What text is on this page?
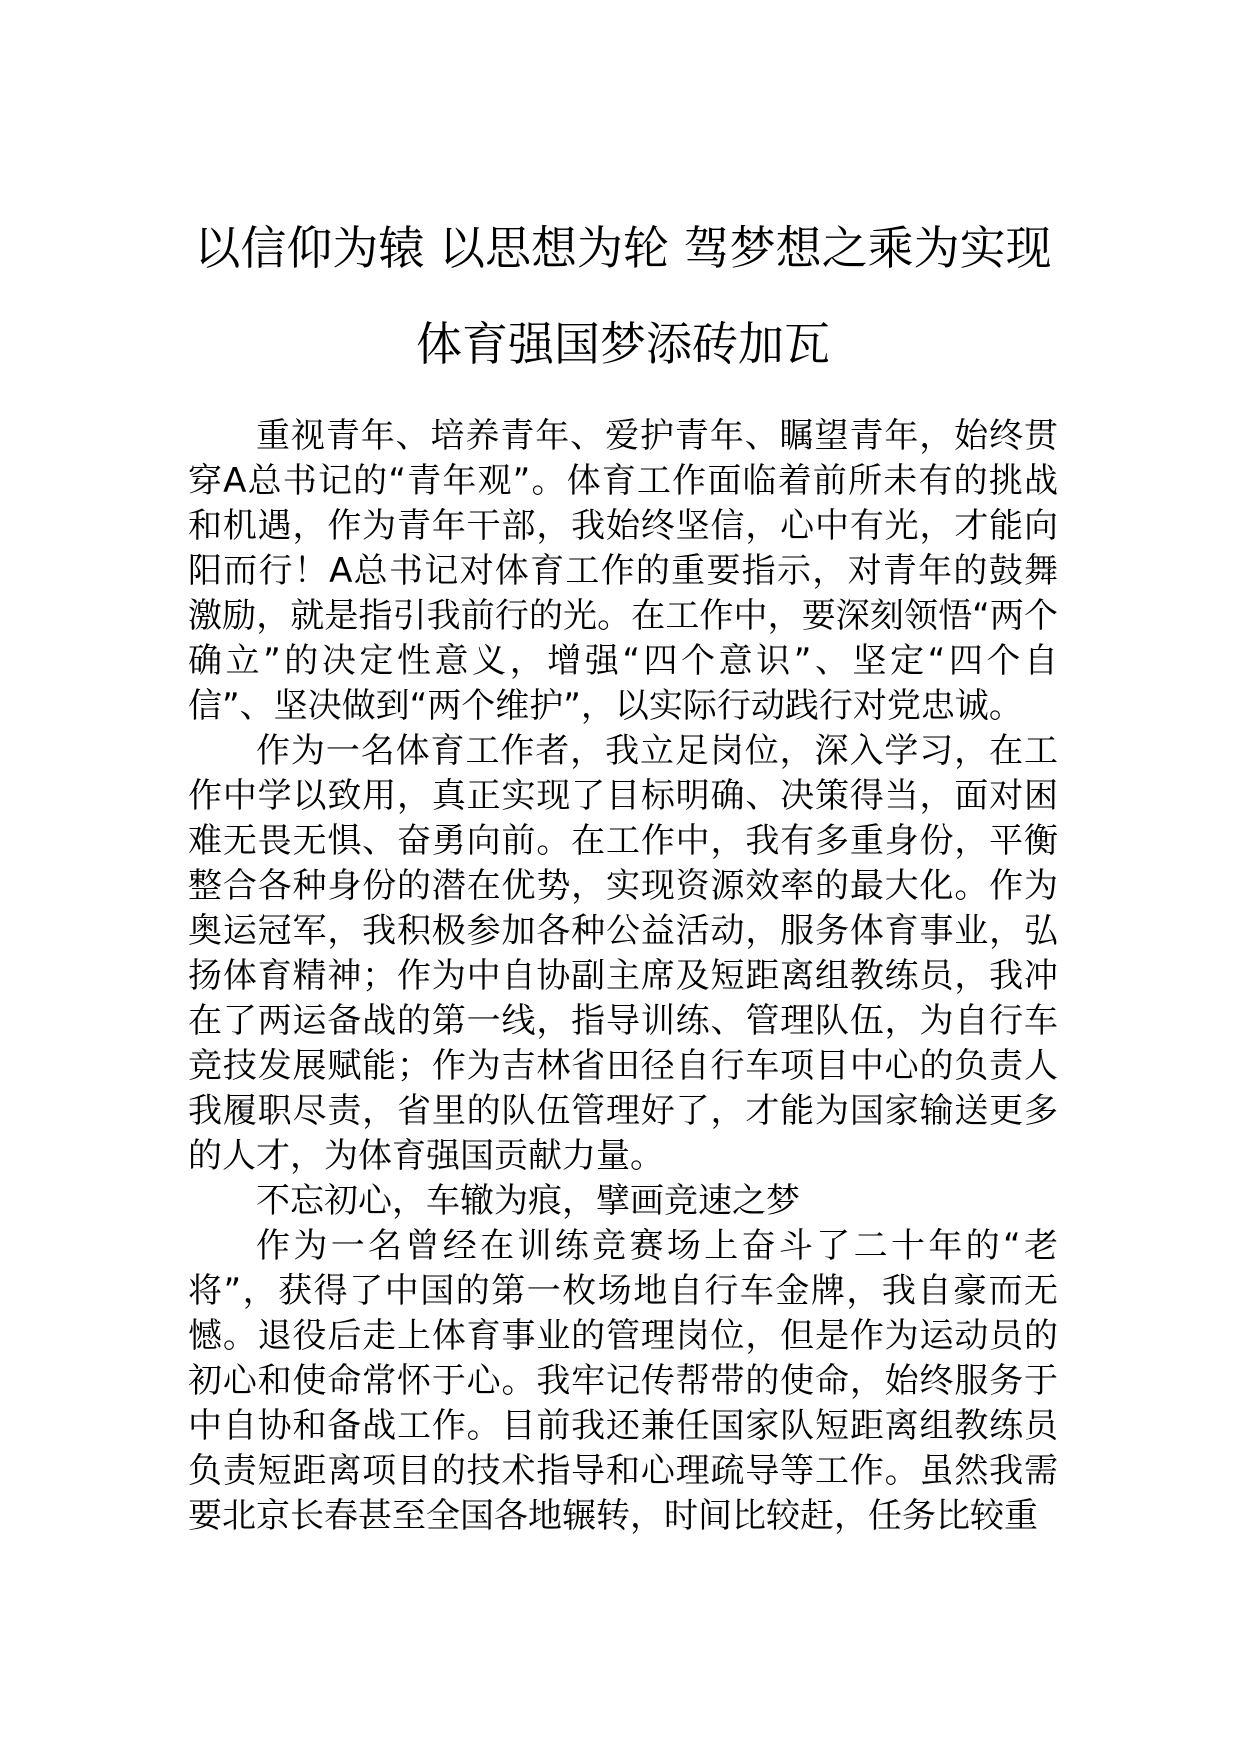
以信仰为辕 以思想为轮 驾梦想之乘为实现
体育强国梦添砖加瓦

重视青年、培养青年、爱护青年、瞩望青年，始终贯穿A总书记的“青年观”。体育工作面临着前所未有的挑战和机遇，作为青年干部，我始终坚信，心中有光，才能向阳而行！A总书记对体育工作的重要指示，对青年的鼓舞激励，就是指引我前行的光。在工作中，要深刻领悟“两个确立”的决定性意义，增强“四个意识”、坚定“四个自信”、坚决做到“两个维护”，以实际行动践行对党忠诚。

作为一名体育工作者，我立足岗位，深入学习，在工作中学以致用，真正实现了目标明确、决策得当，面对困难无畏无惧、奋勇向前。在工作中，我有多重身份，平衡整合各种身份的潜在优势，实现资源效率的最大化。作为奥运冠军，我积极参加各种公益活动，服务体育事业，弘扬体育精神；作为中自协副主席及短距离组教练员，我冲在了两运备战的第一线，指导训练、管理队伍，为自行车竞技发展赋能；作为吉林省田径自行车项目中心的负责人我履职尽责，省里的队伍管理好了，才能为国家输送更多的人才，为体育强国贡献力量。

不忘初心，车辙为痕，擘画竞速之梦

作为一名曾经在训练竞赛场上奋斗了二十年的“老将”，获得了中国的第一枚场地自行车金牌，我自豪而无憾。退役后走上体育事业的管理岗位，但是作为运动员的初心和使命常怀于心。我牢记传帮带的使命，始终服务于中自协和备战工作。目前我还兼任国家队短距离组教练员负责短距离项目的技术指导和心理疏导等工作。虽然我需要北京长春甚至全国各地辗转，时间比较赶，任务比较重
